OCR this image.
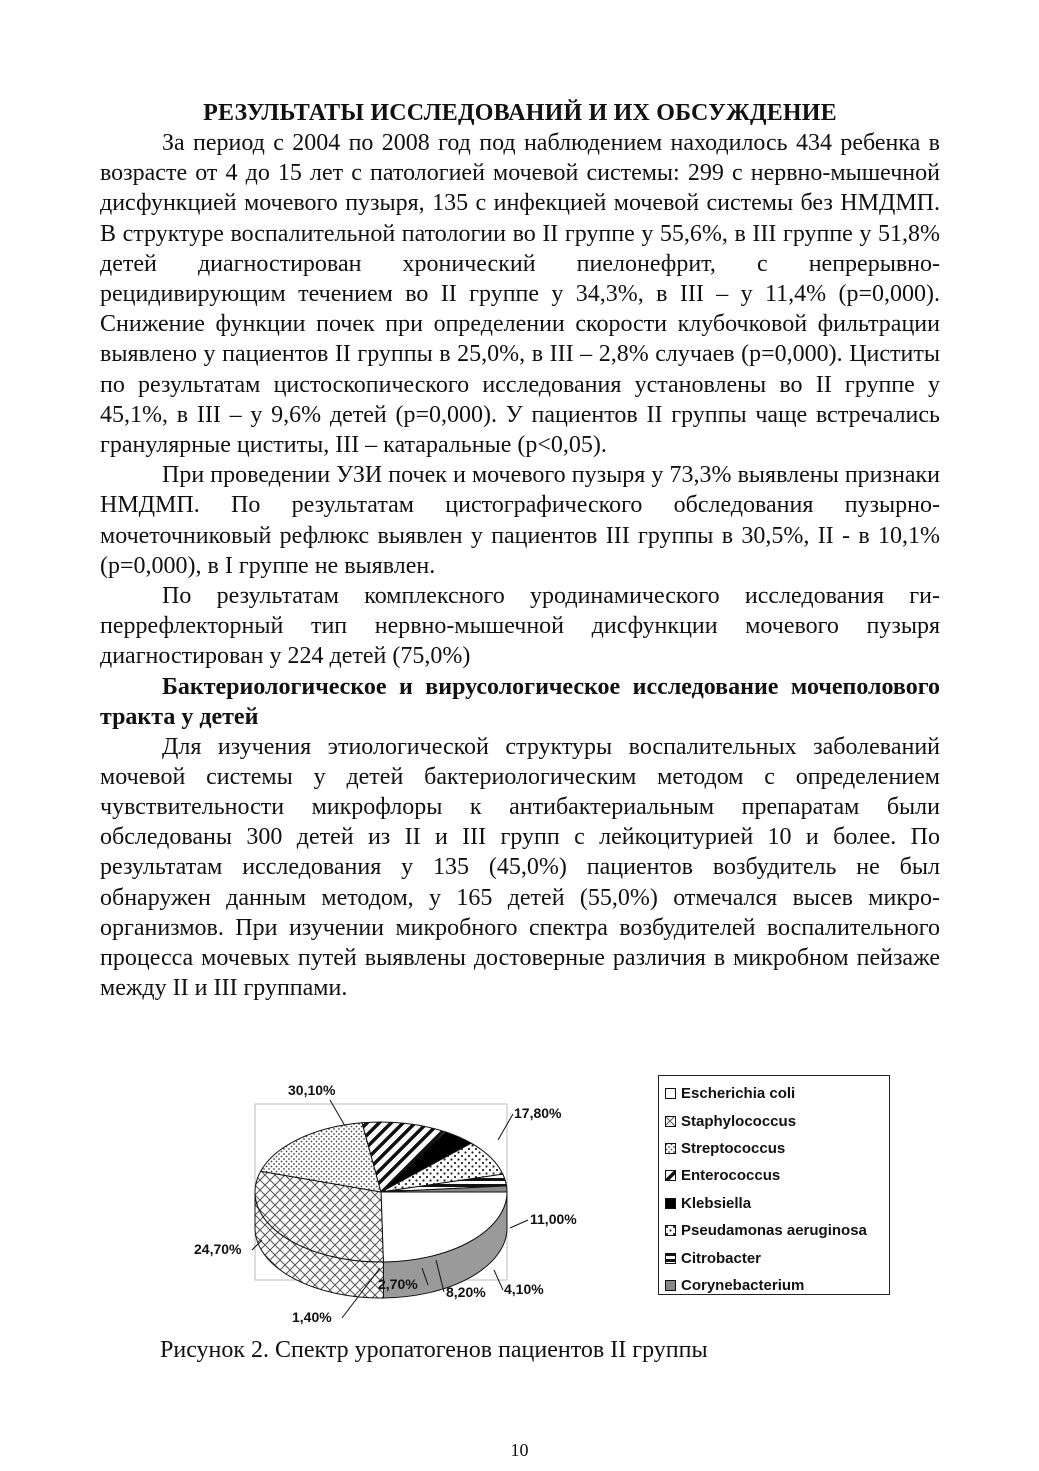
РЕЗУЛЬТАТЫ ИССЛЕДОВАНИЙ И ИХ ОБСУЖДЕНИЕ

За период с 2004 по 2008 год под наблюдением находилось 434 ребенка в возрасте от 4 до 15 лет с патологией мочевой системы: 299 с нервно-мышечной дисфункцией мочевого пузыря, 135 с инфекцией мочевой системы без НМДМП. В структуре воспалительной патологии во II группе у 55,6%, в III группе у 51,8% детей диагностирован хронический пиелонефрит, с непрерывно-рецидивирующим течением во II группе у 34,3%, в III – у 11,4% (р=0,000). Снижение функции почек при определении скорости клубочковой фильтрации выявлено у пациентов II группы в 25,0%, в III – 2,8% случаев (р=0,000). Циститы по результатам цистоскопического исследования установлены во II группе у 45,1%, в III – у 9,6% детей (р=0,000). У пациентов II группы чаще встречались гранулярные циститы, III – катаральные (р<0,05).

При проведении УЗИ почек и мочевого пузыря у 73,3% выявлены признаки НМДМП. По результатам цистографического обследования пузырно-мочеточниковый рефлюкс выявлен у пациентов III группы в 30,5%, II - в 10,1% (р=0,000), в I группе не выявлен.

По результатам комплексного уродинамического исследования гиперрефлекторный тип нервно-мышечной дисфункции мочевого пузыря диагностирован у 224 детей (75,0%)

Бактериологическое и вирусологическое исследование мочеполового тракта у детей

Для изучения этиологической структуры воспалительных заболеваний мочевой системы у детей бактериологическим методом с определением чувствительности микрофлоры к антибактериальным препаратам были обследованы 300 детей из II и III групп с лейкоцитурией 10 и более. По результатам исследования у 135 (45,0%) пациентов возбудитель не был обнаружен данным методом, у 165 детей (55,0%) отмечался высев микроорганизмов. При изучении микробного спектра возбудителей воспалительного процесса мочевых путей выявлены достоверные различия в микробном пейзаже между II и III группами.

24,70%
30,10%
17,80%
11,00%
4,10%
8,20%
2,70%
1,40%
Escherichia coli
Staphylococcus
Streptococcus
Enterococcus
Klebsiella
Pseudamonas aeruginosa
Citrobacter
Corynebacterium

Рисунок 2. Спектр уропатогенов пациентов II группы

10
